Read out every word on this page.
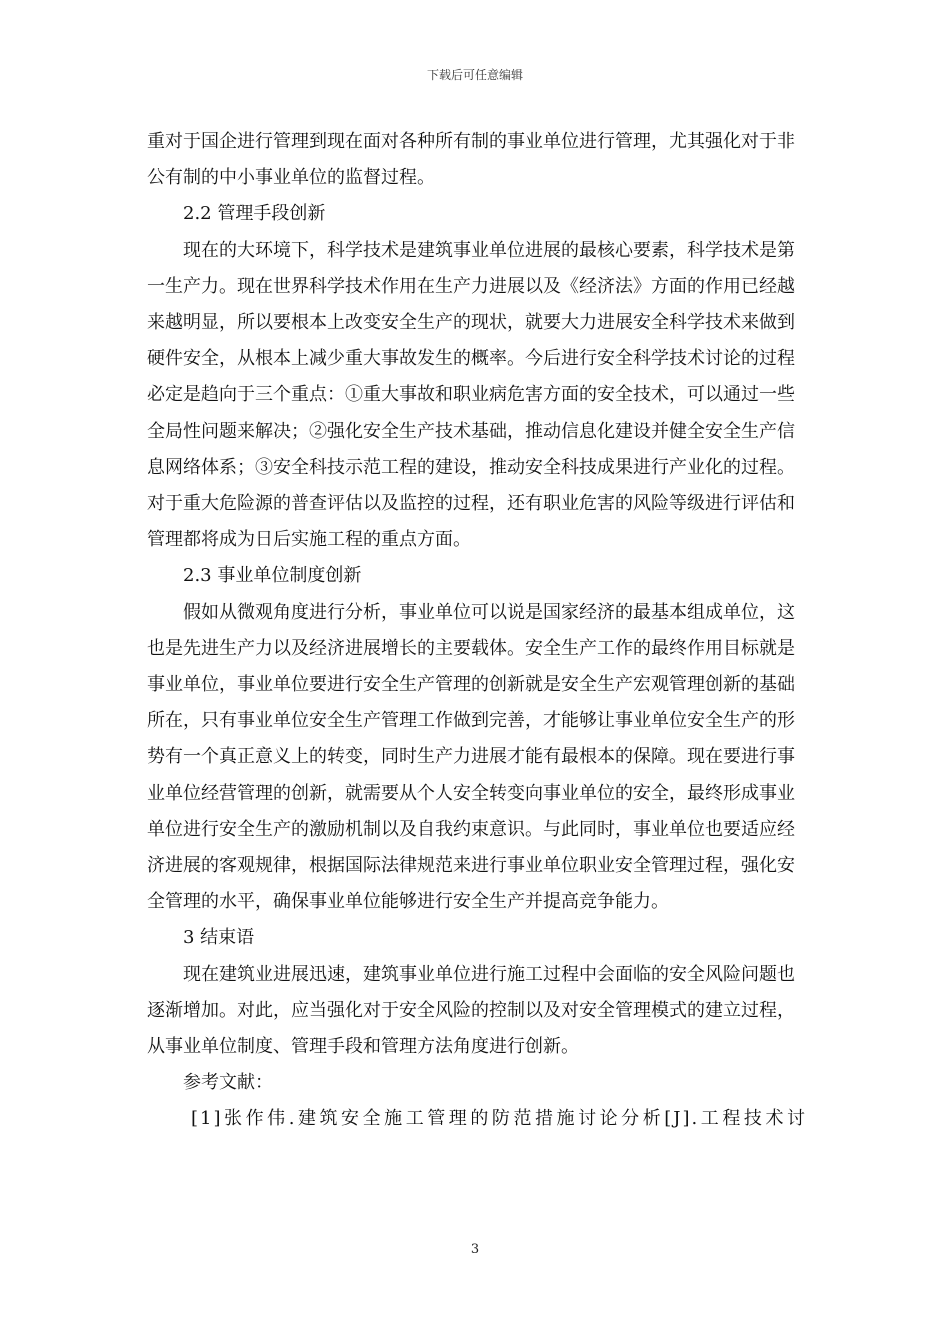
下载后可任意编辑

重对于国企进行管理到现在面对各种所有制的事业单位进行管理，尤其强化对于非公有制的中小事业单位的监督过程。

2.2 管理手段创新

现在的大环境下，科学技术是建筑事业单位进展的最核心要素，科学技术是第一生产力。现在世界科学技术作用在生产力进展以及《经济法》方面的作用已经越来越明显，所以要根本上改变安全生产的现状，就要大力进展安全科学技术来做到硬件安全，从根本上减少重大事故发生的概率。今后进行安全科学技术讨论的过程必定是趋向于三个重点：①重大事故和职业病危害方面的安全技术，可以通过一些全局性问题来解决；②强化安全生产技术基础，推动信息化建设并健全安全生产信息网络体系；③安全科技示范工程的建设，推动安全科技成果进行产业化的过程。对于重大危险源的普查评估以及监控的过程，还有职业危害的风险等级进行评估和管理都将成为日后实施工程的重点方面。

2.3 事业单位制度创新

假如从微观角度进行分析，事业单位可以说是国家经济的最基本组成单位，这也是先进生产力以及经济进展增长的主要载体。安全生产工作的最终作用目标就是事业单位，事业单位要进行安全生产管理的创新就是安全生产宏观管理创新的基础所在，只有事业单位安全生产管理工作做到完善，才能够让事业单位安全生产的形势有一个真正意义上的转变，同时生产力进展才能有最根本的保障。现在要进行事业单位经营管理的创新，就需要从个人安全转变向事业单位的安全，最终形成事业单位进行安全生产的激励机制以及自我约束意识。与此同时，事业单位也要适应经济进展的客观规律，根据国际法律规范来进行事业单位职业安全管理过程，强化安全管理的水平，确保事业单位能够进行安全生产并提高竞争能力。

3 结束语

现在建筑业进展迅速，建筑事业单位进行施工过程中会面临的安全风险问题也逐渐增加。对此，应当强化对于安全风险的控制以及对安全管理模式的建立过程，从事业单位制度、管理手段和管理方法角度进行创新。

参考文献：

[1]张作伟.建筑安全施工管理的防范措施讨论分析[J].工程技术讨

3
